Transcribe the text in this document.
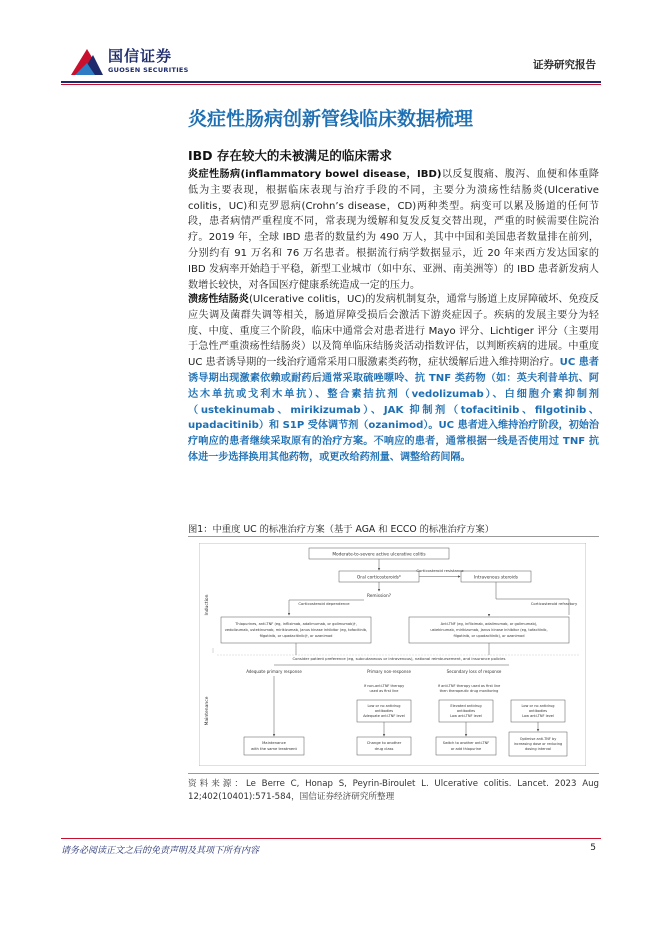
国信证券
GUOSEN SECURITIES	证券研究报告
炎症性肠病创新管线临床数据梳理
IBD 存在较大的未被满足的临床需求

炎症性肠病(inflammatory bowel disease，IBD)以反复腹痛、腹泻、血便和体重降低为主要表现，根据临床表现与治疗手段的不同，主要分为溃疡性结肠炎(Ulcerative colitis，UC)和克罗恩病(Crohn’s disease，CD)两种类型。病变可以累及肠道的任何节段，患者病情严重程度不同，常表现为缓解和复发反复交替出现，严重的时候需要住院治疗。2019 年，全球 IBD 患者的数量约为 490 万人，其中中国和美国患者数量排在前列，分别约有 91 万名和 76 万名患者。根据流行病学数据显示，近 20 年来西方发达国家的 IBD 发病率开始趋于平稳，新型工业城市（如中东、亚洲、南美洲等）的 IBD 患者新发病人数增长较快，对各国医疗健康系统造成一定的压力。

溃疡性结肠炎(Ulcerative colitis，UC)的发病机制复杂，通常与肠道上皮屏障破坏、免疫反应失调及菌群失调等相关，肠道屏障受损后会激活下游炎症因子。疾病的发展主要分为轻度、中度、重度三个阶段，临床中通常会对患者进行 Mayo 评分、Lichtiger 评分（主要用于急性严重溃疡性结肠炎）以及简单临床结肠炎活动指数评估，以判断疾病的进展。中重度 UC 患者诱导期的一线治疗通常采用口服激素类药物，症状缓解后进入维持期治疗。UC 患者诱导期出现激素依赖或耐药后通常采取硫唑嘌呤、抗 TNF 类药物（如：英夫利昔单抗、阿达木单抗或戈利木单抗）、整合素拮抗剂（vedolizumab）、白细胞介素抑制剂（ustekinumab、mirikizumab）、JAK 抑制剂（tofacitinib、filgotinib、upadacitinib）和 S1P 受体调节剂（ozanimod）。UC 患者进入维持治疗阶段，初始治疗响应的患者继续采取原有的治疗方案。不响应的患者，通常根据一线是否使用过 TNF 抗体进一步选择换用其他药物，或更改给药剂量、调整给药间隔。

图1：中重度 UC 的标准治疗方案（基于 AGA 和 ECCO 的标准治疗方案）
Induction
Maintenance
Moderate-to-severe active ulcerative colitis
Oral corticosteroids*	Intravenous steroids
Corticosteroid resistance
Remission?
Corticosteroid dependence	Corticosteroid refractory
Thiopurines, anti-TNF (eg, infliximab, adalimumab, or golimumab)†,
vedolizumab, ustekinumab, mirikizumab, Janus kinase inhibitor (eg, tofacitinib,
filgotinib, or upadacitinib)†, or ozanimod
Anti-TNF (eg, infliximab, adalimumab, or golimumab),
ustekinumab, mirikizumab, Janus kinase inhibitor (eg, tofacitinib,
filgotinib, or upadacitinib), or ozanimod
Consider patient preference (eg, subcutaneous or intravenous), national reimbursement, and insurance policies
Adequate primary response	Primary non-response	Secondary loss of response
If non-anti-TNF therapy
used as first line
If anti-TNF therapy used as first line
then therapeutic drug monitoring
Low or no antidrug
antibodies
Adequate anti-TNF level
Elevated antidrug
antibodies
Low anti-TNF level
Low or no antidrug
antibodies
Low anti-TNF level
Maintenance
with the same treatment
Change to another
drug class
Switch to another anti-TNF
or add thiopurine
Optimise anti-TNF by
increasing dose or reducing
dosing interval
资料来源：Le Berre C, Honap S, Peyrin-Biroulet L. Ulcerative colitis. Lancet. 2023 Aug 12;402(10401):571-584，国信证券经济研究所整理
请务必阅读正文之后的免责声明及其项下所有内容	5
